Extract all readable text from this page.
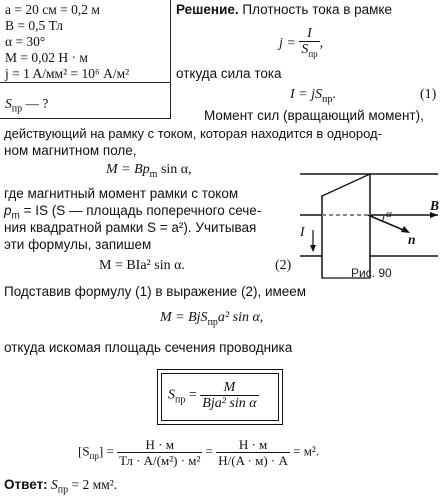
a = 20 см = 0,2 м
B = 0,5 Тл
α = 30°
M = 0,02 Н · м
j = 1 A/мм² = 10⁶ A/м²
$S_{пр}$ — ?
Решение. Плотность тока в рамке
$j = \frac{I}{S_{пр}}$ ,
откуда сила тока
$I = jS_{пр}$.	(1)
Момент сил (вращающий момент),
действующий на рамку с током, которая находится в однород-
ном магнитном поле,
$M = Bp_m$ sin α,
где магнитный момент рамки с током
$p_m$ = IS (S — площадь поперечного сече-
ния квадратной рамки S = a²). Учитывая
эти формулы, запишем
M = BIa² sin α.	(2)
Подставив формулу (1) в выражение (2), имеем
M = BjS$_{пр}$a² sin α,
откуда искомая площадь сечения проводника
$S_{пр} = \frac{M}{\text{Bja² sin α}}$
$[S_{пр}] = \frac{Н \cdot м}{\text{Тл · A/(м²) · м²}} = \frac{Н \cdot м}{Н/(A \cdot м) \cdot A} = м^2$.
Ответ: $S_{пр} = 2$ мм².
I
α
B
n
Рис. 90
